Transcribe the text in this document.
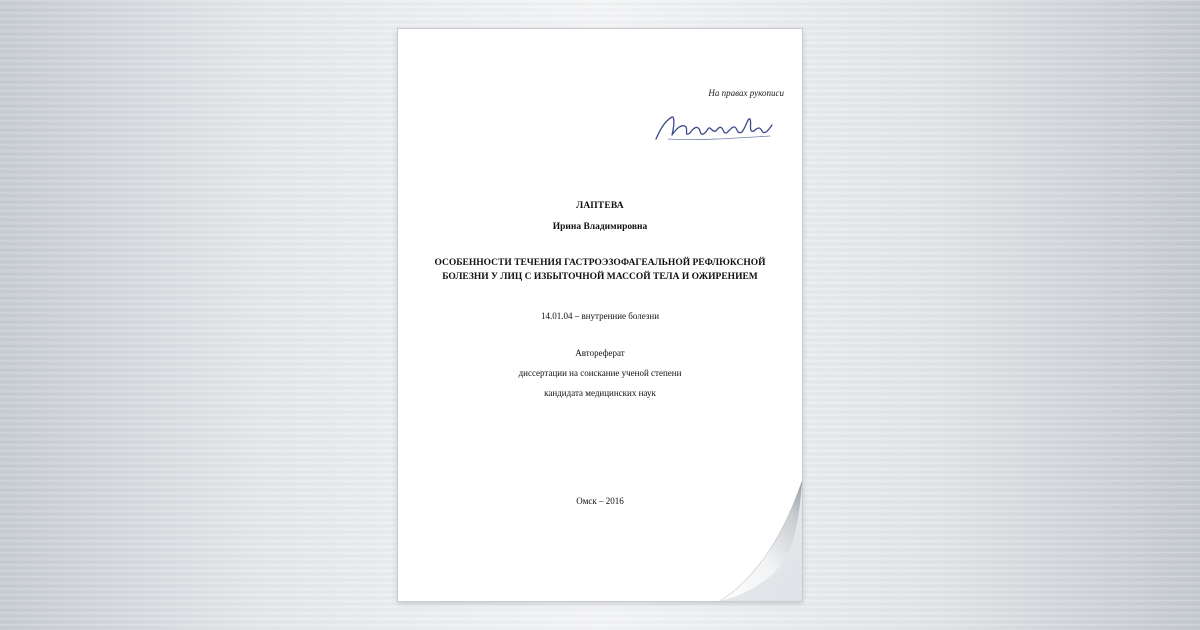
На правах рукописи
ЛАПТЕВА
Ирина Владимировна
ОСОБЕННОСТИ ТЕЧЕНИЯ ГАСТРОЭЗОФАГЕАЛЬНОЙ РЕФЛЮКСНОЙ
БОЛЕЗНИ У ЛИЦ С ИЗБЫТОЧНОЙ МАССОЙ ТЕЛА И ОЖИРЕНИЕМ
14.01.04 – внутренние болезни
Автореферат
диссертации на соискание ученой степени
кандидата медицинских наук
Омск – 2016
